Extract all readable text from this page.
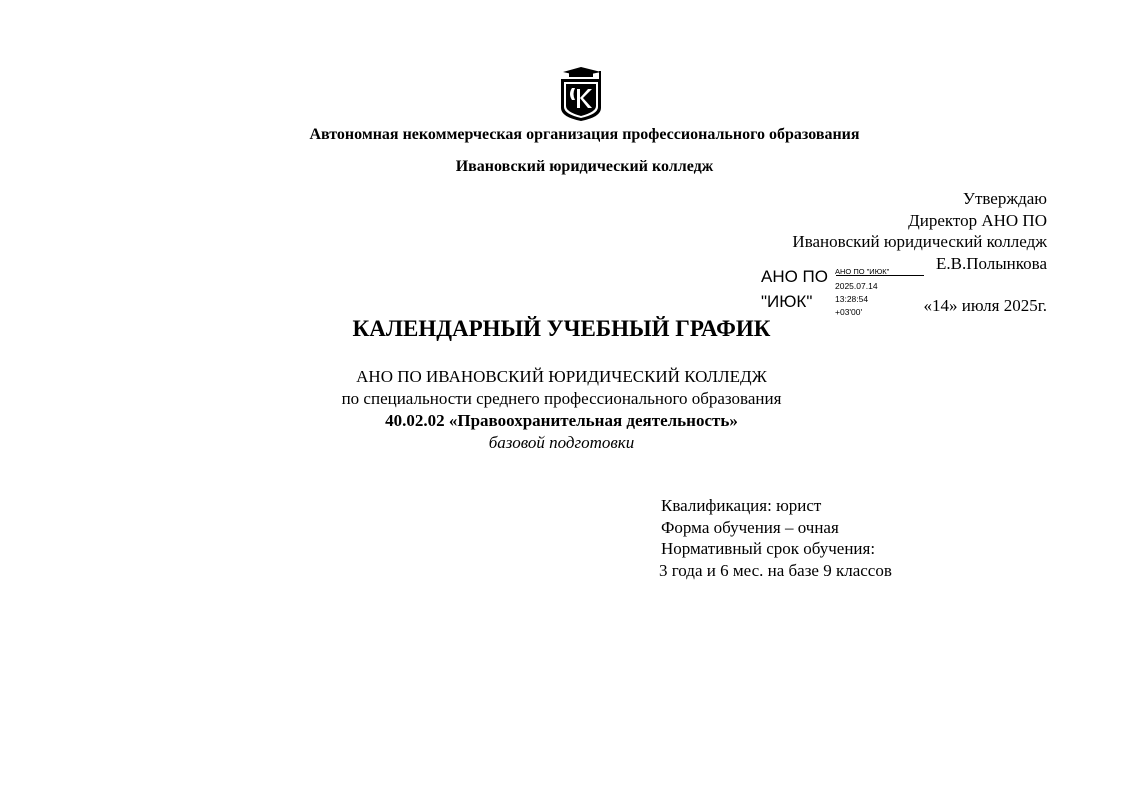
Автономная некоммерческая организация профессионального образования
Ивановский юридический колледж
Утверждаю
Директор АНО ПО
Ивановский юридический колледж
Е.В.Полынкова
«14» июля 2025г.
АНО ПО
"ИЮК"
АНО ПО "ИЮК"
2025.07.14
13:28:54
+03'00'
КАЛЕНДАРНЫЙ УЧЕБНЫЙ ГРАФИК
АНО ПО ИВАНОВСКИЙ ЮРИДИЧЕСКИЙ КОЛЛЕДЖ
по специальности среднего профессионального образования
40.02.02 «Правоохранительная деятельность»
базовой подготовки
Квалификация: юрист
Форма обучения – очная
Нормативный срок обучения:
3 года и 6 мес. на базе 9 классов
